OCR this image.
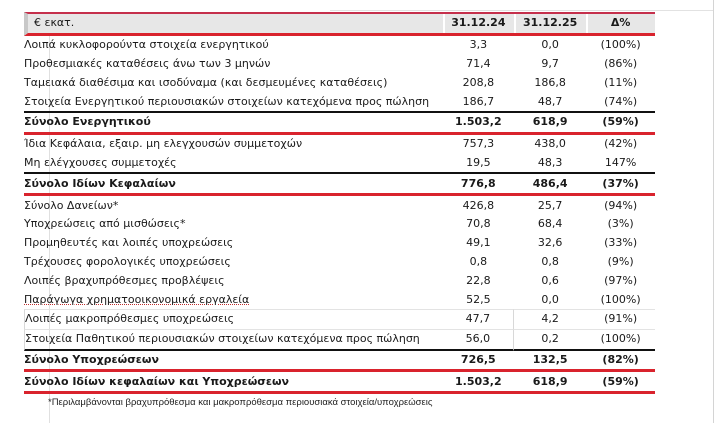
€ εκατ.	31.12.24	31.12.25	Δ%
Λοιπά κυκλοφορούντα στοιχεία ενεργητικού	3,3	0,0	(100%)
Προθεσμιακές καταθέσεις άνω των 3 μηνών	71,4	9,7	(86%)
Ταμειακά διαθέσιμα και ισοδύναμα (και δεσμευμένες καταθέσεις)	208,8	186,8	(11%)
Στοιχεία Ενεργητικού περιουσιακών στοιχείων κατεχόμενα προς πώληση	186,7	48,7	(74%)
Σύνολο Ενεργητικού	1.503,2	618,9	(59%)
Ίδια Κεφάλαια, εξαιρ. μη ελεγχουσών συμμετοχών	757,3	438,0	(42%)
Μη ελέγχουσες συμμετοχές	19,5	48,3	147%
Σύνολο Ιδίων Κεφαλαίων	776,8	486,4	(37%)
Σύνολο Δανείων*	426,8	25,7	(94%)
Υποχρεώσεις από μισθώσεις*	70,8	68,4	(3%)
Προμηθευτές και λοιπές υποχρεώσεις	49,1	32,6	(33%)
Τρέχουσες φορολογικές υποχρεώσεις	0,8	0,8	(9%)
Λοιπές βραχυπρόθεσμες προβλέψεις	22,8	0,6	(97%)
Παράγωγα χρηματοοικονομικά εργαλεία	52,5	0,0	(100%)
Λοιπές μακροπρόθεσμες υποχρεώσεις	47,7	4,2	(91%)
Στοιχεία Παθητικού περιουσιακών στοιχείων κατεχόμενα προς πώληση	56,0	0,2	(100%)
Σύνολο Υποχρεώσεων	726,5	132,5	(82%)
Σύνολο Ιδίων κεφαλαίων και Υποχρεώσεων	1.503,2	618,9	(59%)
*Περιλαμβάνονται βραχυπρόθεσμα και μακροπρόθεσμα περιουσιακά στοιχεία/υποχρεώσεις
